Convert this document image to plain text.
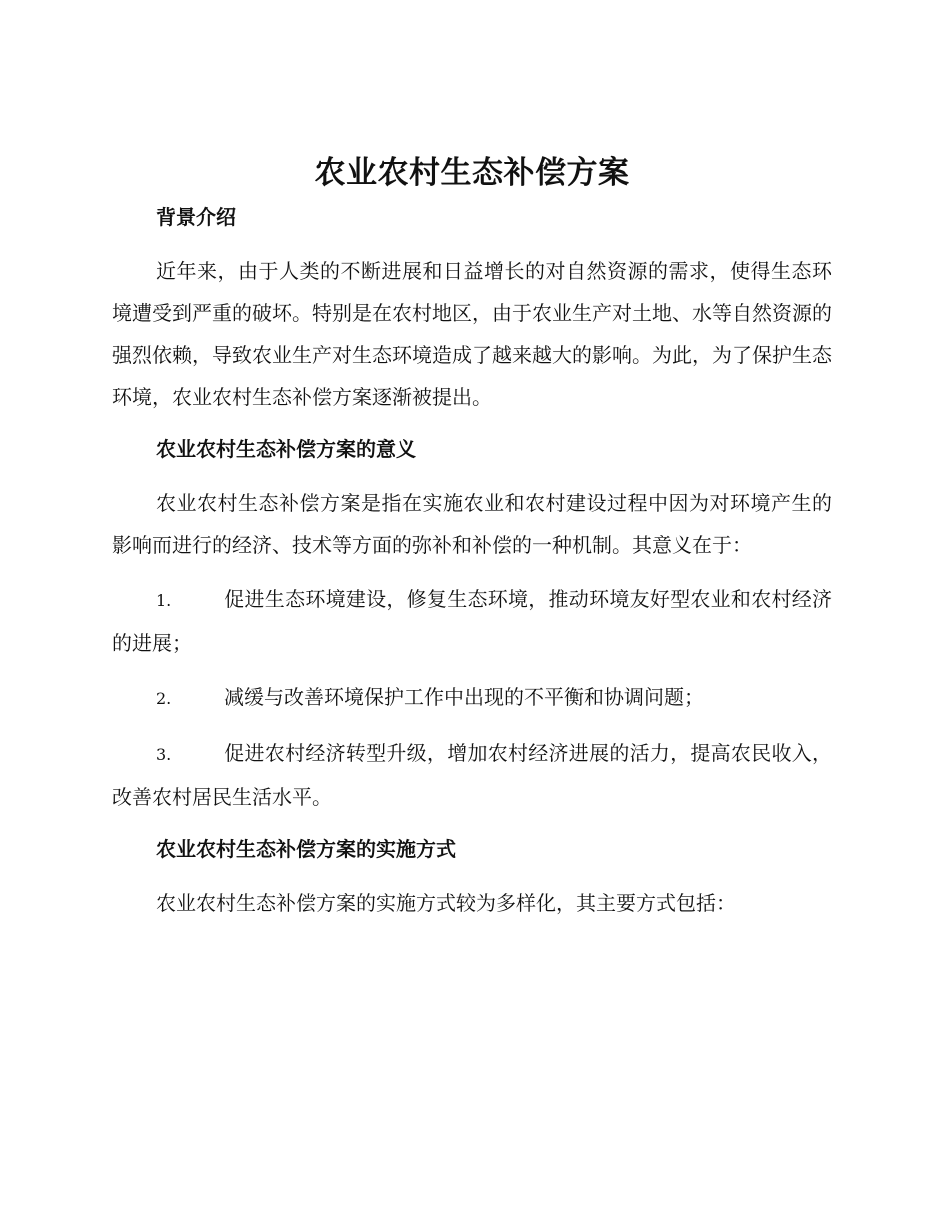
农业农村生态补偿方案
背景介绍

近年来，由于人类的不断进展和日益增长的对自然资源的需求，使得生态环境遭受到严重的破坏。特别是在农村地区，由于农业生产对土地、水等自然资源的强烈依赖，导致农业生产对生态环境造成了越来越大的影响。为此，为了保护生态环境，农业农村生态补偿方案逐渐被提出。

农业农村生态补偿方案的意义

农业农村生态补偿方案是指在实施农业和农村建设过程中因为对环境产生的影响而进行的经济、技术等方面的弥补和补偿的一种机制。其意义在于：

1.	促进生态环境建设，修复生态环境，推动环境友好型农业和农村经济的进展；
2.	减缓与改善环境保护工作中出现的不平衡和协调问题；
3.	促进农村经济转型升级，增加农村经济进展的活力，提高农民收入，改善农村居民生活水平。
农业农村生态补偿方案的实施方式

农业农村生态补偿方案的实施方式较为多样化，其主要方式包括：
